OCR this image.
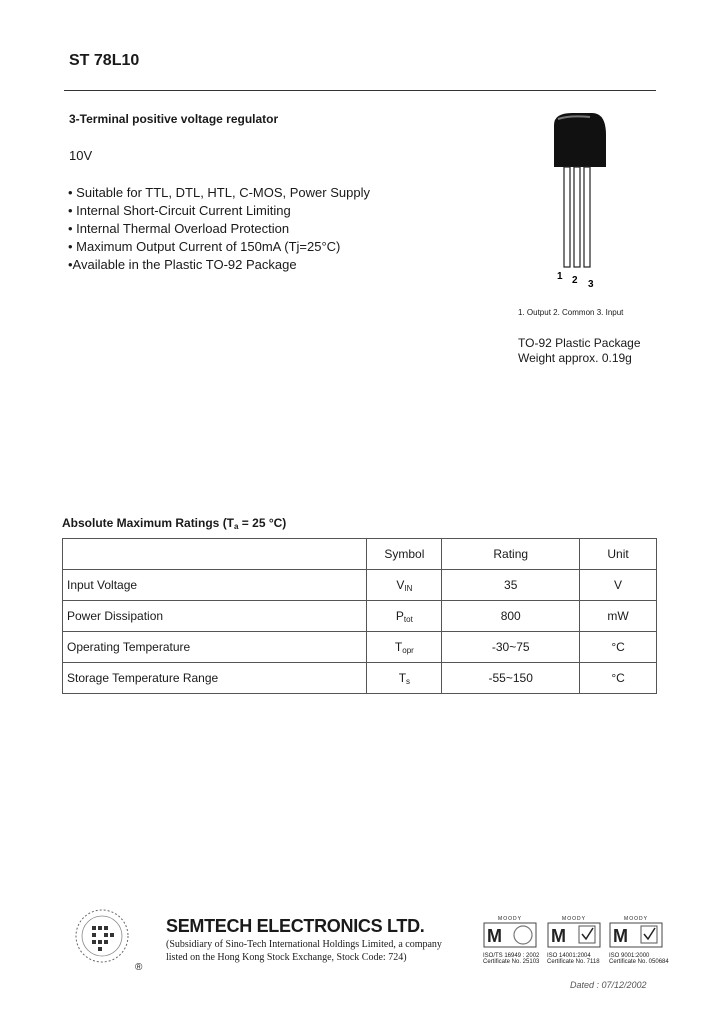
ST 78L10
3-Terminal positive voltage regulator
10V
• Suitable for TTL, DTL, HTL, C-MOS, Power Supply
• Internal Short-Circuit Current Limiting
• Internal Thermal Overload Protection
• Maximum Output Current of 150mA (Tj=25°C)
•Available in the Plastic TO-92 Package
1 2 3
1. Output 2. Common 3. Input
TO-92 Plastic Package
Weight approx. 0.19g
Absolute Maximum Ratings ($T_a = 25$ °C)
	Symbol	Rating	Unit
Input Voltage	$V_{IN}$	35	V
Power Dissipation	$P_{tot}$	800	mW
Operating Temperature	$T_{opr}$	-30~75	°C
Storage Temperature Range	$T_s$	-55~150	°C
®
SEMTECH ELECTRONICS LTD.
(Subsidiary of Sino-Tech International Holdings Limited, a company
listed on the Hong Kong Stock Exchange, Stock Code: 724)
MOODY
M
ISO/TS 16949 : 2002
Certificate No. 25103
MOODY
M
ISO 14001:2004
Certificate No. 7118
MOODY
M
ISO 9001:2000
Certificate No. 050684
Dated : 07/12/2002
